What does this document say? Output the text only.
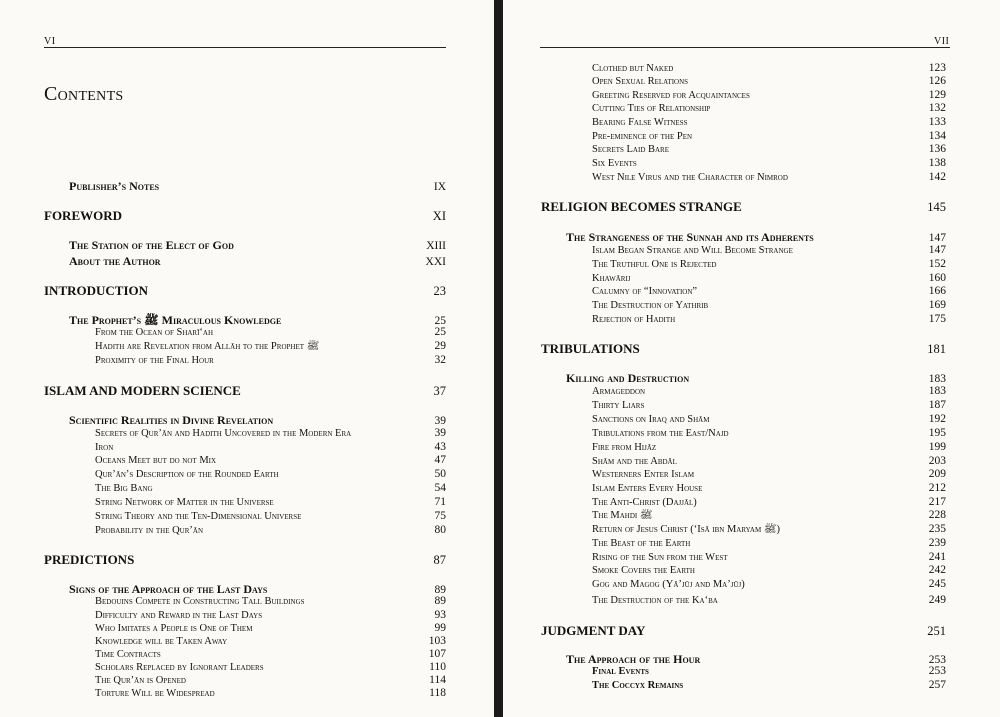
VI
Contents
Publisher’s Notes	IX
FOREWORD	XI
The Station of the Elect of God	XIII
About the Author	XXI
INTRODUCTION	23
The Prophet’s ﷺ Miraculous Knowledge	25
From the Ocean of Sharī‘ah	25
Hadith are Revelation from Allāh to the Prophet ﷺ	29
Proximity of the Final Hour	32
ISLAM AND MODERN SCIENCE	37
Scientific Realities in Divine Revelation	39
Secrets of Qur’ān and Hadith Uncovered in the Modern Era	39
Iron	43
Oceans Meet but do not Mix	47
Qur’ān’s Description of the Rounded Earth	50
The Big Bang	54
String Network of Matter in the Universe	71
String Theory and the Ten-Dimensional Universe	75
Probability in the Qur’ān	80
PREDICTIONS	87
Signs of the Approach of the Last Days	89
Bedouins Compete in Constructing Tall Buildings	89
Difficulty and Reward in the Last Days	93
Who Imitates a People is One of Them	99
Knowledge will be Taken Away	103
Time Contracts	107
Scholars Replaced by Ignorant Leaders	110
The Qur’ān is Opened	114
Torture Will be Widespread	118
VII
Clothed but Naked	123
Open Sexual Relations	126
Greeting Reserved for Acquaintances	129
Cutting Ties of Relationship	132
Bearing False Witness	133
Pre-eminence of the Pen	134
Secrets Laid Bare	136
Six Events	138
West Nile Virus and the Character of Nimrod	142
RELIGION BECOMES STRANGE	145
The Strangeness of the Sunnah and its Adherents	147
Islam Began Strange and Will Become Strange	147
The Truthful One is Rejected	152
Khawārij	160
Calumny of “Innovation”	166
The Destruction of Yathrib	169
Rejection of Hadith	175
TRIBULATIONS	181
Killing and Destruction	183
Armageddon	183
Thirty Liars	187
Sanctions on Iraq and Shām	192
Tribulations from the East/Najd	195
Fire from Hijāz	199
Shām and the Abdāl	203
Westerners Enter Islam	209
Islam Enters Every House	212
The Anti-Christ (Dajjāl)	217
The Mahdi ﷺ	228
Return of Jesus Christ (‘Isā ibn Maryam ﷺ)	235
The Beast of the Earth	239
Rising of the Sun from the West	241
Smoke Covers the Earth	242
Gog and Magog (Yā’jūj and Ma’jūj)	245
The Destruction of the Ka‘ba	249
JUDGMENT DAY	251
The Approach of the Hour	253
Final Events	253
The Coccyx Remains	257
